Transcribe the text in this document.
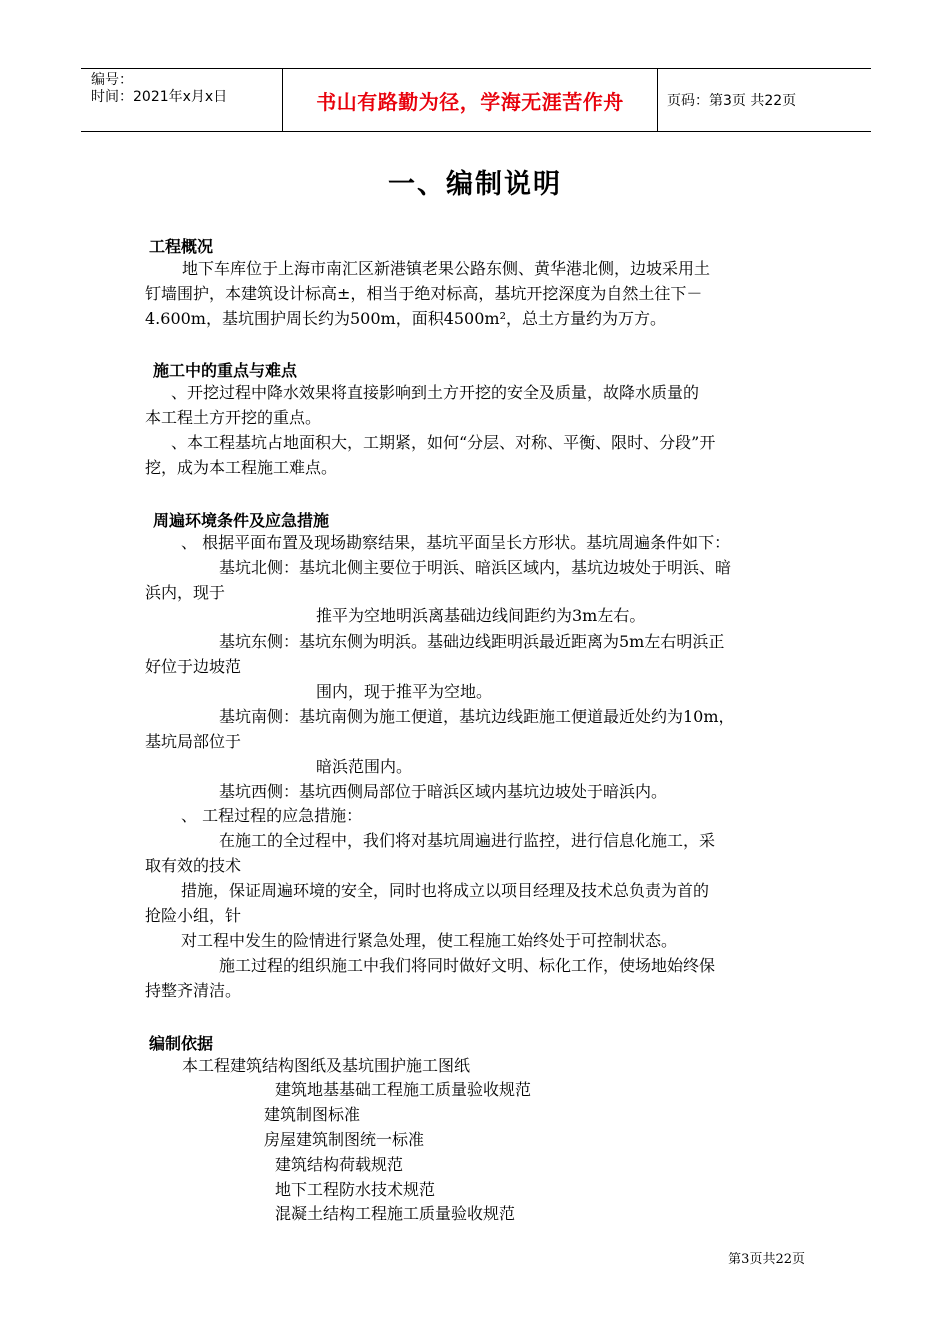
编号：
时间：2021年x月x日	书山有路勤为径，学海无涯苦作舟	页码：第3页 共22页
一、编制说明
工程概况
地下车库位于上海市南汇区新港镇老果公路东侧、黄华港北侧，边坡采用土
钉墙围护，本建筑设计标高±，相当于绝对标高，基坑开挖深度为自然土往下－
4.600m，基坑围护周长约为500m，面积4500m²，总土方量约为万方。
施工中的重点与难点
、开挖过程中降水效果将直接影响到土方开挖的安全及质量，故降水质量的
本工程土方开挖的重点。
、本工程基坑占地面积大，工期紧，如何“分层、对称、平衡、限时、分段”开
挖，成为本工程施工难点。
周遍环境条件及应急措施
、 根据平面布置及现场勘察结果，基坑平面呈长方形状。基坑周遍条件如下：
基坑北侧：基坑北侧主要位于明浜、暗浜区域内，基坑边坡处于明浜、暗
浜内，现于
推平为空地明浜离基础边线间距约为3m左右。
基坑东侧：基坑东侧为明浜。基础边线距明浜最近距离为5m左右明浜正
好位于边坡范
围内，现于推平为空地。
基坑南侧：基坑南侧为施工便道，基坑边线距施工便道最近处约为10m，
基坑局部位于
暗浜范围内。
基坑西侧：基坑西侧局部位于暗浜区域内基坑边坡处于暗浜内。
、 工程过程的应急措施：
在施工的全过程中，我们将对基坑周遍进行监控，进行信息化施工，采
取有效的技术
措施，保证周遍环境的安全，同时也将成立以项目经理及技术总负责为首的
抢险小组，针
对工程中发生的险情进行紧急处理，使工程施工始终处于可控制状态。
施工过程的组织施工中我们将同时做好文明、标化工作，使场地始终保
持整齐清洁。
编制依据
本工程建筑结构图纸及基坑围护施工图纸
建筑地基基础工程施工质量验收规范
建筑制图标准
房屋建筑制图统一标准
建筑结构荷载规范
地下工程防水技术规范
混凝土结构工程施工质量验收规范
第3页共22页
